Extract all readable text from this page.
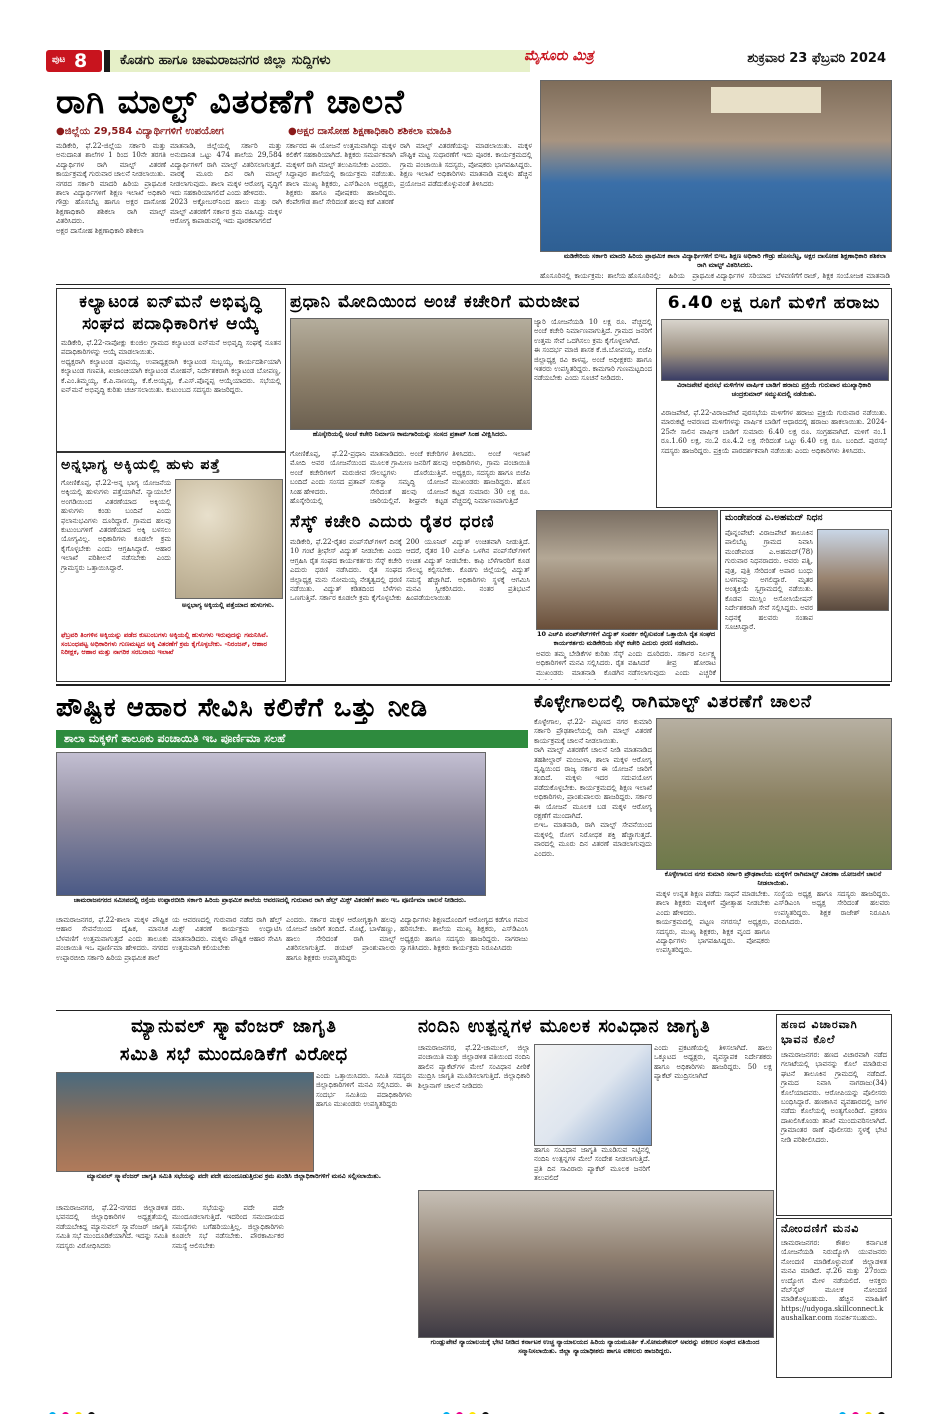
ಪುಟ 8	ಕೊಡಗು ಹಾಗೂ ಚಾಮರಾಜನಗರ ಜಿಲ್ಲಾ ಸುದ್ದಿಗಳು	ಮೈಸೂರು ಮಿತ್ರ	ಶುಕ್ರವಾರ 23 ಫೆಬ್ರವರಿ 2024
ರಾಗಿ ಮಾಲ್ಟ್ ವಿತರಣೆಗೆ ಚಾಲನೆ
●ಜಿಲ್ಲೆಯ 29,584 ವಿದ್ಯಾರ್ಥಿಗಳಿಗೆ ಉಪಯೋಗ	●ಅಕ್ಷರ ದಾಸೋಹ ಶಿಕ್ಷಣಾಧಿಕಾರಿ ಶಶಿಕಲಾ ಮಾಹಿತಿ
ಮಡಿಕೇರಿ, ಫೆ.22-ಜಿಲ್ಲೆಯ ಸರ್ಕಾರಿ ಮತ್ತು ಅನುದಾನಿತ ಶಾಲೆಗಳ 1 ರಿಂದ 10ನೇ ತರಗತಿ ವಿದ್ಯಾರ್ಥಿಗಳ ರಾಗಿ ಮಾಲ್ಟ್ ವಿತರಣೆ ಕಾರ್ಯಕ್ರಮಕ್ಕೆ ಗುರುವಾರ ಚಾಲನೆ ನೀಡಲಾಯಿತು.
ನಗರದ ಸರ್ಕಾರಿ ಮಾದರಿ ಹಿರಿಯ ಪ್ರಾಥಮಿಕ ಶಾಲಾ ವಿದ್ಯಾರ್ಥಿಗಳಿಗೆ ಶಿಕ್ಷಣ ಇಲಾಖೆ ಅಧಿಕಾರಿ ಗೌಡ್ರು ಹೊಸಬೆಟ್ಟ ಹಾಗೂ ಅಕ್ಷರ ದಾಸೋಹ ಶಿಕ್ಷಣಾಧಿಕಾರಿ ಶಶಿಕಲಾ ರಾಗಿ ಮಾಲ್ಟ್ ವಿತರಿಸಿದರು.
ಅಕ್ಷರ ದಾಸೋಹ ಶಿಕ್ಷಣಾಧಿಕಾರಿ ಶಶಿಕಲಾ
ಮಾತನಾಡಿ, ಜಿಲ್ಲೆಯಲ್ಲಿ ಸರ್ಕಾರಿ ಮತ್ತು ಅನುದಾನಿತ ಒಟ್ಟು 474 ಶಾಲೆಯ 29,584 ವಿದ್ಯಾರ್ಥಿಗಳಿಗೆ ರಾಗಿ ಮಾಲ್ಟ್ ವಿತರಿಸಲಾಗುತ್ತದೆ. ವಾರಕ್ಕೆ ಮೂರು ದಿನ ರಾಗಿ ಮಾಲ್ಟ್ ನೀಡಲಾಗುವುದು. ಶಾಲಾ ಮಕ್ಕಳ ಆರೋಗ್ಯ ವೃದ್ಧಿಗೆ ಇದು ಸಹಕಾರಿಯಾಗಲಿದೆ ಎಂದು ಹೇಳಿದರು.
2023 ಅಕ್ಟೋಬರ್‌ನಿಂದ ಹಾಲು ಮತ್ತು ರಾಗಿ ಮಾಲ್ಟ್ ವಿತರಣೆಗೆ ಸರ್ಕಾರ ಕ್ರಮ ವಹಿಸಿದ್ದು ಮಕ್ಕಳ ಆರೋಗ್ಯ ಕಾಪಾಡುವಲ್ಲಿ ಇದು ಪೂರಕವಾಗಲಿದೆ
ಸರ್ಕಾರದ ಈ ಯೋಜನೆ ಉತ್ತಮವಾಗಿದ್ದು ಮಕ್ಕಳ ಕಲಿಕೆಗೆ ಸಹಕಾರಿಯಾಗಿದೆ. ಶಿಕ್ಷಕರು ಸಮರ್ಪಕವಾಗಿ ಮಕ್ಕಳಿಗೆ ರಾಗಿ ಮಾಲ್ಟ್ ತಲುಪಿಸಬೇಕು ಎಂದರು.
ಸಿದ್ದಾಪುರ ಶಾಲೆಯಲ್ಲಿ ಕಾರ್ಯಕ್ರಮ ನಡೆಯಿತು. ಶಾಲಾ ಮುಖ್ಯ ಶಿಕ್ಷಕರು, ಎಸ್‌ಡಿಎಂಸಿ ಅಧ್ಯಕ್ಷರು, ಶಿಕ್ಷಕರು ಹಾಗೂ ಪೋಷಕರು ಹಾಜರಿದ್ದರು. ಕೆಂಪೇಗೌಡ ಶಾಲೆ ಸೇರಿದಂತೆ ಹಲವು ಕಡೆ ವಿತರಣೆ
ರಾಗಿ ಮಾಲ್ಟ್ ವಿತರಣೆಯನ್ನು ಮಾಡಲಾಯಿತು. ಮಕ್ಕಳ ಪೌಷ್ಟಿಕ ಮಟ್ಟ ಸುಧಾರಣೆಗೆ ಇದು ಪೂರಕ. ಕಾರ್ಯಕ್ರಮದಲ್ಲಿ ಗ್ರಾಮ ಪಂಚಾಯಿತಿ ಸದಸ್ಯರು, ಪೋಷಕರು ಭಾಗವಹಿಸಿದ್ದರು. ಶಿಕ್ಷಣ ಇಲಾಖೆ ಅಧಿಕಾರಿಗಳು ಮಾತನಾಡಿ ಮಕ್ಕಳು ಹೆಚ್ಚಿನ ಪ್ರಯೋಜನ ಪಡೆದುಕೊಳ್ಳುವಂತೆ ತಿಳಿಸಿದರು
ಮಡಿಕೇರಿಯ ಸರ್ಕಾರಿ ಮಾದರಿ ಹಿರಿಯ ಪ್ರಾಥಮಿಕ ಶಾಲಾ ವಿದ್ಯಾರ್ಥಿಗಳಿಗೆ ಬಿಇಒ ಶಿಕ್ಷಣ ಅಧಿಕಾರಿ ಗೌಡ್ರು ಹೊಸಬೆಟ್ಟ, ಅಕ್ಷರ ದಾಸೋಹ ಶಿಕ್ಷಣಾಧಿಕಾರಿ ಶಶಿಕಲಾ ರಾಗಿ ಮಾಲ್ಟ್ ವಿತರಿಸಿದರು.
ಹೊಸೂರಿನಲ್ಲಿ ಕಾರ್ಯಕ್ರಮ: ಶಾಲೆಯ ಹೊಸೂರಿನಲ್ಲಿ: ಹಿರಿಯ ಪ್ರಾಥಮಿಕ ವಿದ್ಯಾರ್ಥಿಗಳ ಸರಿಯಾದ ಬೆಳವಣಿಗೆಗೆ ರಾಜ್, ಶಿಕ್ಷಕ ಸಂಯೋಜಕ ಮಾತನಾಡಿ
ಕಲ್ಯಾಟಂಡ ಐನ್‌ಮನೆ ಅಭಿವೃದ್ಧಿ
ಸಂಘದ ಪದಾಧಿಕಾರಿಗಳ ಆಯ್ಕೆ
ಮಡಿಕೇರಿ, ಫೆ.22-ನಾಪೋಕ್ಲು ಕುಂಜಿಲ ಗ್ರಾಮದ ಕಲ್ಯಾಟಂಡ ಐನ್‌ಮನೆ ಅಭಿವೃದ್ಧಿ ಸಂಘಕ್ಕೆ ನೂತನ ಪದಾಧಿಕಾರಿಗಳನ್ನು ಆಯ್ಕೆ ಮಾಡಲಾಯಿತು.
ಅಧ್ಯಕ್ಷರಾಗಿ ಕಲ್ಯಾಟಂಡ ಪೂವಯ್ಯ, ಉಪಾಧ್ಯಕ್ಷರಾಗಿ ಕಲ್ಯಾಟಂಡ ಸುಬ್ಬಯ್ಯ, ಕಾರ್ಯದರ್ಶಿಯಾಗಿ ಕಲ್ಯಾಟಂಡ ಗಣಪತಿ, ಖಜಾಂಚಿಯಾಗಿ ಕಲ್ಯಾಟಂಡ ಮೋಹನ್, ನಿರ್ದೇಶಕರಾಗಿ ಕಲ್ಯಾಟಂಡ ಬೋಪಣ್ಣ, ಕೆ.ಎಂ.ತಿಮ್ಮಯ್ಯ, ಕೆ.ಪಿ.ನಾಣಯ್ಯ, ಕೆ.ಕೆ.ಅಯ್ಯಪ್ಪ, ಕೆ.ಎಸ್.ಪೊನ್ನಪ್ಪ ಆಯ್ಕೆಯಾದರು. ಸಭೆಯಲ್ಲಿ ಐನ್‌ಮನೆ ಅಭಿವೃದ್ಧಿ ಕುರಿತು ಚರ್ಚಿಸಲಾಯಿತು. ಕುಟುಂಬದ ಸದಸ್ಯರು ಹಾಜರಿದ್ದರು.
ಅನ್ನಭಾಗ್ಯ ಅಕ್ಕಿಯಲ್ಲಿ ಹುಳು ಪತ್ತೆ
ಗೋಣಿಕೊಪ್ಪ, ಫೆ.22-ಅನ್ನ ಭಾಗ್ಯ ಯೋಜನೆಯ ಅಕ್ಕಿಯಲ್ಲಿ ಹುಳುಗಳು ಪತ್ತೆಯಾಗಿವೆ. ನ್ಯಾಯಬೆಲೆ ಅಂಗಡಿಯಿಂದ ವಿತರಣೆಯಾದ ಅಕ್ಕಿಯಲ್ಲಿ ಹುಳುಗಳು ಕಂಡು ಬಂದಿವೆ ಎಂದು ಫಲಾನುಭವಿಗಳು ದೂರಿದ್ದಾರೆ. ಗ್ರಾಮದ ಹಲವು ಕುಟುಂಬಗಳಿಗೆ ವಿತರಣೆಯಾದ ಅಕ್ಕಿ ಬಳಸಲು ಯೋಗ್ಯವಿಲ್ಲ. ಅಧಿಕಾರಿಗಳು ಕೂಡಲೇ ಕ್ರಮ ಕೈಗೊಳ್ಳಬೇಕು ಎಂದು ಆಗ್ರಹಿಸಿದ್ದಾರೆ. ಆಹಾರ ಇಲಾಖೆ ಪರಿಶೀಲನೆ ನಡೆಸಬೇಕು ಎಂದು ಗ್ರಾಮಸ್ಥರು ಒತ್ತಾಯಿಸಿದ್ದಾರೆ.
ಅನ್ನಭಾಗ್ಯ ಅಕ್ಕಿಯಲ್ಲಿ ಪತ್ತೆಯಾದ ಹುಳುಗಳು.
ಫೆಬ್ರವರಿ ತಿಂಗಳಿನ ಅಕ್ಕಿಯನ್ನು ಪಡೆದ ಕುಟುಂಬಗಳು ಅಕ್ಕಿಯಲ್ಲಿ ಹುಳುಗಳು ಇರುವುದನ್ನು ಗಮನಿಸಿವೆ. ಸಂಬಂಧಪಟ್ಟ ಅಧಿಕಾರಿಗಳು ಗುಣಮಟ್ಟದ ಅಕ್ಕಿ ವಿತರಣೆಗೆ ಕ್ರಮ ಕೈಗೊಳ್ಳಬೇಕು. -ನಿರಂಜನ್, ಆಹಾರ ನಿರೀಕ್ಷಕ, ಆಹಾರ ಮತ್ತು ನಾಗರಿಕ ಸರಬರಾಜು ಇಲಾಖೆ
ಪ್ರಧಾನಿ ಮೋದಿಯಿಂದ ಅಂಚೆ ಕಚೇರಿಗೆ ಮರುಜೀವ
ಹೊಸ್ಕೇರಿಯಲ್ಲಿ ಅಂಚೆ ಕಚೇರಿ ನಿರ್ಮಾಣ ಕಾಮಗಾರಿಯನ್ನು ಸಂಸದ ಪ್ರತಾಪ್ ಸಿಂಹ ವೀಕ್ಷಿಸಿದರು.
ಗೋಣಿಕೊಪ್ಪ, ಫೆ.22-ಪ್ರಧಾನಿ ಮೋದಿ ಅವರ ಯೋಜನೆಯಿಂದ ಅಂಚೆ ಕಚೇರಿಗಳಿಗೆ ಮರುಜೀವ ಬಂದಿದೆ ಎಂದು ಸಂಸದ ಪ್ರತಾಪ್ ಸಿಂಹ ಹೇಳಿದರು.
ಹೊಸ್ಕೇರಿಯಲ್ಲಿ
ಮಾತನಾಡಿದರು. ಅಂಚೆ ಕಚೇರಿಗಳ ಮೂಲಕ ಗ್ರಾಮೀಣ ಜನರಿಗೆ ಹಲವು ಸೌಲಭ್ಯಗಳು ದೊರೆಯುತ್ತಿವೆ. ಸುಕನ್ಯಾ ಸಮೃದ್ಧಿ ಯೋಜನೆ ಸೇರಿದಂತೆ ಹಲವು ಯೋಜನೆ ಜಾರಿಯಲ್ಲಿವೆ. ಶೀಘ್ರವೇ ಕಟ್ಟಡ
ತಿಳಿಸಿದರು. ಅಂಚೆ ಇಲಾಖೆ ಅಧಿಕಾರಿಗಳು, ಗ್ರಾಮ ಪಂಚಾಯಿತಿ ಅಧ್ಯಕ್ಷರು, ಸದಸ್ಯರು ಹಾಗೂ ಬಿಜೆಪಿ ಮುಖಂಡರು ಹಾಜರಿದ್ದರು. ಹೊಸ ಕಟ್ಟಡ ಸುಮಾರು 30 ಲಕ್ಷ ರೂ. ವೆಚ್ಚದಲ್ಲಿ ನಿರ್ಮಾಣವಾಗುತ್ತಿದೆ
ಜ್ಯಾರಿ ಯೋಜನೆಯಡಿ 10 ಲಕ್ಷ ರೂ. ವೆಚ್ಚದಲ್ಲಿ ಅಂಚೆ ಕಚೇರಿ ನಿರ್ಮಾಣವಾಗುತ್ತಿದೆ. ಗ್ರಾಮದ ಜನರಿಗೆ ಉತ್ತಮ ಸೇವೆ ಒದಗಿಸಲು ಕ್ರಮ ಕೈಗೊಳ್ಳಲಾಗಿದೆ.
ಈ ಸಂದರ್ಭ ಮಾಜಿ ಶಾಸಕ ಕೆ.ಜಿ.ಬೋಪಯ್ಯ, ಬಿಜೆಪಿ ಜಿಲ್ಲಾಧ್ಯಕ್ಷ ರವಿ ಕಾಳಪ್ಪ, ಅಂಚೆ ಅಧೀಕ್ಷಕರು ಹಾಗೂ ಇತರರು ಉಪಸ್ಥಿತರಿದ್ದರು. ಕಾಮಗಾರಿ ಗುಣಮಟ್ಟದಿಂದ ನಡೆಯಬೇಕು ಎಂದು ಸೂಚನೆ ನೀಡಿದರು.
6.40 ಲಕ್ಷ ರೂಗೆ ಮಳಿಗೆ ಹರಾಜು
ವಿರಾಜಪೇಟೆ ಪುರಸಭೆ ಮಳಿಗೆಗಳ ವಾರ್ಷಿಕ ಬಾಡಿಗೆ ಹರಾಜು ಪ್ರಕ್ರಿಯೆ ಗುರುವಾರ ಮುಖ್ಯಾಧಿಕಾರಿ ಚಂದ್ರಕುಮಾರ್ ಸಮ್ಮುಖದಲ್ಲಿ ನಡೆಯಿತು.
ವಿರಾಜಪೇಟೆ, ಫೆ.22-ವಿರಾಜಪೇಟೆ ಪುರಸಭೆಯ ಮಳಿಗೆಗಳ ಹರಾಜು ಪ್ರಕ್ರಿಯೆ ಗುರುವಾರ ನಡೆಯಿತು. ಮಾರುಕಟ್ಟೆ ಆವರಣದ ಮಳಿಗೆಗಳನ್ನು ವಾರ್ಷಿಕ ಬಾಡಿಗೆ ಆಧಾರದಲ್ಲಿ ಹರಾಜು ಹಾಕಲಾಯಿತು. 2024-25ನೇ ಸಾಲಿನ ವಾರ್ಷಿಕ ಬಾಡಿಗೆ ಸುಮಾರು 6.40 ಲಕ್ಷ ರೂ. ಸಂಗ್ರಹವಾಗಿದೆ. ಮಳಿಗೆ ನಂ.1 ರೂ.1.60 ಲಕ್ಷ, ನಂ.2 ರೂ.4.2 ಲಕ್ಷ ಸೇರಿದಂತೆ ಒಟ್ಟು 6.40 ಲಕ್ಷ ರೂ. ಬಂದಿದೆ. ಪುರಸಭೆ ಸದಸ್ಯರು ಹಾಜರಿದ್ದರು. ಪ್ರಕ್ರಿಯೆ ಪಾರದರ್ಶಕವಾಗಿ ನಡೆಯಿತು ಎಂದು ಅಧಿಕಾರಿಗಳು ತಿಳಿಸಿದರು.
ಸೆಸ್ಕ್ ಕಚೇರಿ ಎದುರು ರೈತರ ಧರಣಿ
ಮಡಿಕೇರಿ, ಫೆ.22-ರೈತರ ಪಂಪ್‌ಸೆಟ್‌ಗಳಿಗೆ ದಿನಕ್ಕೆ 10 ಗಂಟೆ ತ್ರೀಫೇಸ್ ವಿದ್ಯುತ್ ನೀಡಬೇಕು ಎಂದು ಆಗ್ರಹಿಸಿ ರೈತ ಸಂಘದ ಕಾರ್ಯಕರ್ತರು ಸೆಸ್ಕ್ ಕಚೇರಿ ಎದುರು ಧರಣಿ ನಡೆಸಿದರು. ರೈತ ಸಂಘದ ಜಿಲ್ಲಾಧ್ಯಕ್ಷ ಮನು ಸೋಮಯ್ಯ ನೇತೃತ್ವದಲ್ಲಿ ಧರಣಿ ನಡೆಯಿತು. ವಿದ್ಯುತ್ ಕಡಿತದಿಂದ ಬೆಳೆಗಳು ಒಣಗುತ್ತಿವೆ. ಸರ್ಕಾರ ಕೂಡಲೇ ಕ್ರಮ ಕೈಗೊಳ್ಳಬೇಕು
200 ಯೂನಿಟ್ ವಿದ್ಯುತ್ ಉಚಿತವಾಗಿ ನೀಡುತ್ತಿದೆ. ಆದರೆ, ರೈತರ 10 ಎಚ್‌ಪಿ ಒಳಗಿನ ಪಂಪ್‌ಸೆಟ್‌ಗಳಿಗೆ ಉಚಿತ ವಿದ್ಯುತ್ ನೀಡಬೇಕು. ಕಾಫಿ ಬೆಳೆಗಾರರಿಗೆ ಕೂಡ ಸೌಲಭ್ಯ ಕಲ್ಪಿಸಬೇಕು. ಕೊಡಗು ಜಿಲ್ಲೆಯಲ್ಲಿ ವಿದ್ಯುತ್ ಸಮಸ್ಯೆ ಹೆಚ್ಚಾಗಿದೆ. ಅಧಿಕಾರಿಗಳು ಸ್ಥಳಕ್ಕೆ ಆಗಮಿಸಿ ಮನವಿ ಸ್ವೀಕರಿಸಿದರು. ನಂತರ ಪ್ರತಿಭಟನೆ ಹಿಂಪಡೆಯಲಾಯಿತು
10 ಎಚ್‌ಪಿ ಪಂಪ್‌ಸೆಟ್‌ಗಳಿಗೆ ವಿದ್ಯುತ್ ಸಂಪರ್ಕ ಕಲ್ಪಿಸುವಂತೆ ಒತ್ತಾಯಿಸಿ ರೈತ ಸಂಘದ ಕಾರ್ಯಕರ್ತರು ಮಡಿಕೇರಿಯ ಸೆಸ್ಕ್ ಕಚೇರಿ ಎದುರು ಧರಣಿ ನಡೆಸಿದರು.
ಅವರು ತಮ್ಮ ಬೇಡಿಕೆಗಳ ಕುರಿತು ಸೆಸ್ಕ್ ಅಧಿಕಾರಿಗಳಿಗೆ ಮನವಿ ಸಲ್ಲಿಸಿದರು. ರೈತ ಮುಖಂಡರು ಮಾತನಾಡಿ ಕೊಡಗಿನ
ಎಂದು ದೂರಿದರು. ಸರ್ಕಾರ ನಿರ್ಲಕ್ಷ್ಯ ವಹಿಸಿದರೆ ತೀವ್ರ ಹೋರಾಟ ನಡೆಸಲಾಗುವುದು ಎಂದು ಎಚ್ಚರಿಕೆ
ಮಂಡೇಪಂಡ ಎ.ಅಹಮದ್ ನಿಧನ
ಪೊನ್ನಂಪೇಟೆ: ವಿರಾಜಪೇಟೆ ತಾಲೂಕಿನ ಪಾಲಿಬೆಟ್ಟ ಗ್ರಾಮದ ನಿವಾಸಿ ಮಂಡೇಪಂಡ ಎ.ಅಹಮದ್(78) ಗುರುವಾರ ನಿಧನರಾದರು. ಅವರು ಪತ್ನಿ, ಪುತ್ರ, ಪುತ್ರಿ ಸೇರಿದಂತೆ ಅಪಾರ ಬಂಧು ಬಳಗವನ್ನು ಅಗಲಿದ್ದಾರೆ. ಮೃತರ ಅಂತ್ಯಕ್ರಿಯೆ ಸ್ವಗ್ರಾಮದಲ್ಲಿ ನಡೆಯಿತು. ಕೊಡವ ಮುಸ್ಲಿಂ ಅಸೋಸಿಯೇಷನ್ ನಿರ್ದೇಶಕರಾಗಿ ಸೇವೆ ಸಲ್ಲಿಸಿದ್ದರು. ಅವರ ನಿಧನಕ್ಕೆ ಹಲವರು ಸಂತಾಪ ಸೂಚಿಸಿದ್ದಾರೆ.
ಪೌಷ್ಟಿಕ ಆಹಾರ ಸೇವಿಸಿ ಕಲಿಕೆಗೆ ಒತ್ತು ನೀಡಿ
ಶಾಲಾ ಮಕ್ಕಳಿಗೆ ತಾಲೂಕು ಪಂಚಾಯಿತಿ ಇಒ ಪೂರ್ಣಿಮಾ ಸಲಹೆ
ಚಾಮರಾಜನಗರದ ಸಮೀಪದಲ್ಲಿ ರಸ್ತೆಯ ಉಪ್ಪಾರಬೀದಿ ಸರ್ಕಾರಿ ಹಿರಿಯ ಪ್ರಾಥಮಿಕ ಶಾಲೆಯ ಆವರಣದಲ್ಲಿ ಗುರುವಾರ ರಾಗಿ ಹೆಲ್ತ್ ಮಿಕ್ಸ್ ವಿತರಣೆಗೆ ತಾಪಂ ಇಒ ಪೂರ್ಣಿಮಾ ಚಾಲನೆ ನೀಡಿದರು.
ಚಾಮರಾಜನಗರ, ಫೆ.22-ಶಾಲಾ ಮಕ್ಕಳ ಪೌಷ್ಟಿಕ ಆಹಾರ ಸೇವನೆಯಿಂದ ದೈಹಿಕ, ಮಾನಸಿಕ ಬೆಳವಣಿಗೆ ಉತ್ತಮವಾಗುತ್ತದೆ ಎಂದು ತಾಲೂಕು ಪಂಚಾಯಿತಿ ಇಒ ಪೂರ್ಣಿಮಾ ಹೇಳಿದರು. ನಗರದ ಉಪ್ಪಾರಬೀದಿ ಸರ್ಕಾರಿ ಹಿರಿಯ ಪ್ರಾಥಮಿಕ ಶಾಲೆ
ಯ ಆವರಣದಲ್ಲಿ ಗುರುವಾರ ನಡೆದ ರಾಗಿ ಹೆಲ್ತ್ ಮಿಕ್ಸ್ ವಿತರಣೆ ಕಾರ್ಯಕ್ರಮ ಉದ್ಘಾಟಿಸಿ ಮಾತನಾಡಿದರು. ಮಕ್ಕಳು ಪೌಷ್ಟಿಕ ಆಹಾರ ಸೇವಿಸಿ ಉತ್ತಮವಾಗಿ ಕಲಿಯಬೇಕು
ಎಂದರು. ಸರ್ಕಾರ ಮಕ್ಕಳ ಆರೋಗ್ಯಕ್ಕಾಗಿ ಹಲವು ಯೋಜನೆ ಜಾರಿಗೆ ತಂದಿದೆ. ಮೊಟ್ಟೆ, ಬಾಳೆಹಣ್ಣು, ಹಾಲು ಸೇರಿದಂತೆ ರಾಗಿ ಮಾಲ್ಟ್ ವಿತರಿಸಲಾಗುತ್ತಿದೆ. ಡಯಟ್ ಪ್ರಾಂಶುಪಾಲರು ಹಾಗೂ ಶಿಕ್ಷಕರು ಉಪಸ್ಥಿತರಿದ್ದರು
ವಿದ್ಯಾರ್ಥಿಗಳು ಶಿಕ್ಷಣದೊಂದಿಗೆ ಆರೋಗ್ಯದ ಕಡೆಗೂ ಗಮನ ಹರಿಸಬೇಕು. ಶಾಲೆಯ ಮುಖ್ಯ ಶಿಕ್ಷಕರು, ಎಸ್‌ಡಿಎಂಸಿ ಅಧ್ಯಕ್ಷರು ಹಾಗೂ ಸದಸ್ಯರು ಹಾಜರಿದ್ದರು. ನಾಗರಾಜು ಸ್ವಾಗತಿಸಿದರು. ಶಿಕ್ಷಕರು ಕಾರ್ಯಕ್ರಮ ನಿರೂಪಿಸಿದರು
ಕೊಳ್ಳೇಗಾಲದಲ್ಲಿ ರಾಗಿಮಾಲ್ಟ್ ವಿತರಣೆಗೆ ಚಾಲನೆ
ಕೊಳ್ಳೇಗಾಲ, ಫೆ.22- ಪಟ್ಟಣದ ನಗರ ಕುಮಾರಿ ಸರ್ಕಾರಿ ಪ್ರೌಢಶಾಲೆಯಲ್ಲಿ ರಾಗಿ ಮಾಲ್ಟ್ ವಿತರಣೆ ಕಾರ್ಯಕ್ರಮಕ್ಕೆ ಚಾಲನೆ ನೀಡಲಾಯಿತು.
ರಾಗಿ ಮಾಲ್ಟ್ ವಿತರಣೆಗೆ ಚಾಲನೆ ನೀಡಿ ಮಾತನಾಡಿದ ತಹಶೀಲ್ದಾರ್ ಮಂಜುಳಾ, ಶಾಲಾ ಮಕ್ಕಳ ಆರೋಗ್ಯ ದೃಷ್ಟಿಯಿಂದ ರಾಜ್ಯ ಸರ್ಕಾರ ಈ ಯೋಜನೆ ಜಾರಿಗೆ ತಂದಿದೆ. ಮಕ್ಕಳು ಇದರ ಸದುಪಯೋಗ ಪಡೆದುಕೊಳ್ಳಬೇಕು. ಕಾರ್ಯಕ್ರಮದಲ್ಲಿ ಶಿಕ್ಷಣ ಇಲಾಖೆ ಅಧಿಕಾರಿಗಳು, ಪ್ರಾಂಶುಪಾಲರು ಹಾಜರಿದ್ದರು. ಸರ್ಕಾರ ಈ ಯೋಜನೆ ಮೂಲಕ ಬಡ ಮಕ್ಕಳ ಆರೋಗ್ಯ ರಕ್ಷಣೆಗೆ ಮುಂದಾಗಿದೆ.
ಬಿಇಒ ಮಾತನಾಡಿ, ರಾಗಿ ಮಾಲ್ಟ್ ಸೇವನೆಯಿಂದ ಮಕ್ಕಳಲ್ಲಿ ರೋಗ ನಿರೋಧಕ ಶಕ್ತಿ ಹೆಚ್ಚಾಗುತ್ತದೆ. ವಾರದಲ್ಲಿ ಮೂರು ದಿನ ವಿತರಣೆ ಮಾಡಲಾಗುವುದು ಎಂದರು.
ಕೊಳ್ಳೇಗಾಲದ ನಗರ ಕುಮಾರಿ ಸರ್ಕಾರಿ ಪ್ರೌಢಶಾಲೆಯ ಮಕ್ಕಳಿಗೆ ರಾಗಿಮಾಲ್ಟ್ ವಿತರಣಾ ಯೋಜನೆಗೆ ಚಾಲನೆ ನೀಡಲಾಯಿತು.
ಮಕ್ಕಳ ಉನ್ನತ ಶಿಕ್ಷಣ ಪಡೆದು ಸಾಧನೆ ಮಾಡಬೇಕು. ಶಾಲಾ ಶಿಕ್ಷಕರು ಮಕ್ಕಳಿಗೆ ಪ್ರೋತ್ಸಾಹ ನೀಡಬೇಕು ಎಂದು ಹೇಳಿದರು.
ಕಾರ್ಯಕ್ರಮದಲ್ಲಿ ಪಟ್ಟಣ ನಗರಸಭೆ ಅಧ್ಯಕ್ಷರು, ಸದಸ್ಯರು, ಮುಖ್ಯ ಶಿಕ್ಷಕರು, ಶಿಕ್ಷಕ ವೃಂದ ಹಾಗೂ ವಿದ್ಯಾರ್ಥಿಗಳು ಭಾಗವಹಿಸಿದ್ದರು. ಪೋಷಕರು ಉಪಸ್ಥಿತರಿದ್ದರು.
ಸಂಸ್ಥೆಯ ಅಧ್ಯಕ್ಷ ಹಾಗೂ ಸದಸ್ಯರು ಹಾಜರಿದ್ದರು. ಎಸ್‌ಡಿಎಂಸಿ ಅಧ್ಯಕ್ಷ ಸೇರಿದಂತೆ ಹಲವರು ಉಪಸ್ಥಿತರಿದ್ದರು. ಶಿಕ್ಷಕ ರಾಜೇಶ್ ನಿರೂಪಿಸಿ ವಂದಿಸಿದರು.
ಮ್ಯಾನುವಲ್ ಸ್ಕ್ಯಾವೆಂಜರ್ ಜಾಗೃತಿ
ಸಮಿತಿ ಸಭೆ ಮುಂದೂಡಿಕೆಗೆ ವಿರೋಧ
ಮ್ಯಾನುವಲ್ ಸ್ಕ್ಯಾವೆಂಜರ್ ಜಾಗೃತಿ ಸಮಿತಿ ಸಭೆಯನ್ನು ಪದೇ ಪದೇ ಮುಂದೂಡುತ್ತಿರುವ ಕ್ರಮ ಖಂಡಿಸಿ ಜಿಲ್ಲಾಧಿಕಾರಿಗಳಿಗೆ ಮನವಿ ಸಲ್ಲಿಸಲಾಯಿತು.
ಚಾಮರಾಜನಗರ, ಫೆ.22-ನಗರದ ಜಿಲ್ಲಾಡಳಿತ ಭವನದಲ್ಲಿ ಜಿಲ್ಲಾಧಿಕಾರಿಗಳ ಅಧ್ಯಕ್ಷತೆಯಲ್ಲಿ ನಡೆಯಬೇಕಿದ್ದ ಮ್ಯಾನುವಲ್ ಸ್ಕ್ಯಾವೆಂಜರ್ ಜಾಗೃತಿ ಸಮಿತಿ ಸಭೆ ಮುಂದೂಡಿಕೆಯಾಗಿದೆ. ಇದನ್ನು ಸಮಿತಿ ಸದಸ್ಯರು ವಿರೋಧಿಸಿದರು
ದರು. ಸಭೆಯನ್ನು ಪದೇ ಪದೇ ಮುಂದೂಡಲಾಗುತ್ತಿದೆ. ಇದರಿಂದ ಸಮುದಾಯದ ಸಮಸ್ಯೆಗಳು ಬಗೆಹರಿಯುತ್ತಿಲ್ಲ. ಜಿಲ್ಲಾಧಿಕಾರಿಗಳು ಕೂಡಲೇ ಸಭೆ ನಡೆಸಬೇಕು. ಪೌರಕಾರ್ಮಿಕರ ಸಮಸ್ಯೆ ಆಲಿಸಬೇಕು
ಎಂದು ಒತ್ತಾಯಿಸಿದರು. ಸಮಿತಿ ಸದಸ್ಯರು ಜಿಲ್ಲಾಧಿಕಾರಿಗಳಿಗೆ ಮನವಿ ಸಲ್ಲಿಸಿದರು. ಈ ಸಂದರ್ಭ ಸಮಿತಿಯ ಪದಾಧಿಕಾರಿಗಳು ಹಾಗೂ ಮುಖಂಡರು ಉಪಸ್ಥಿತರಿದ್ದರು
ನಂದಿನಿ ಉತ್ಪನ್ನಗಳ ಮೂಲಕ ಸಂವಿಧಾನ ಜಾಗೃತಿ
ಚಾಮರಾಜನಗರ, ಫೆ.22-ಚಾಮುಲ್, ಜಿಲ್ಲಾ ಪಂಚಾಯಿತಿ ಮತ್ತು ಜಿಲ್ಲಾಡಳಿತ ವತಿಯಿಂದ ನಂದಿನಿ ಹಾಲಿನ ಪ್ಯಾಕೆಟ್‌ಗಳ ಮೇಲೆ ಸಂವಿಧಾನ ಪೀಠಿಕೆ ಮುದ್ರಿಸಿ ಜಾಗೃತಿ ಮೂಡಿಸಲಾಗುತ್ತಿದೆ. ಜಿಲ್ಲಾಧಿಕಾರಿ ಶಿಲ್ಪಾನಾಗ್ ಚಾಲನೆ ನೀಡಿದರು
ಹಾಗೂ ಸಂವಿಧಾನ ಜಾಗೃತಿ ಮೂಡಿಸುವ ನಿಟ್ಟಿನಲ್ಲಿ ನಂದಿನಿ ಉತ್ಪನ್ನಗಳ ಮೇಲೆ ಸಂದೇಶ ನೀಡಲಾಗುತ್ತಿದೆ. ಪ್ರತಿ ದಿನ ಸಾವಿರಾರು ಪ್ಯಾಕೆಟ್ ಮೂಲಕ ಜನರಿಗೆ ತಲುಪಲಿದೆ
ಎಂದು ಪ್ರಕಟಣೆಯಲ್ಲಿ ತಿಳಿಸಲಾಗಿದೆ. ಹಾಲು ಒಕ್ಕೂಟದ ಅಧ್ಯಕ್ಷರು, ವ್ಯವಸ್ಥಾಪಕ ನಿರ್ದೇಶಕರು ಹಾಗೂ ಅಧಿಕಾರಿಗಳು ಹಾಜರಿದ್ದರು. 50 ಲಕ್ಷ ಪ್ಯಾಕೆಟ್ ಮುದ್ರಿಸಲಾಗಿದೆ
ಗುಂಡ್ಲುಪೇಟೆ ನ್ಯಾಯಾಲಯಕ್ಕೆ ಭೇಟಿ ನೀಡಿದ ಕರ್ನಾಟಕ ಉಚ್ಚ ನ್ಯಾಯಾಲಯದ ಹಿರಿಯ ನ್ಯಾಯಮೂರ್ತಿ ಕೆ.ಸೋಮಶೇಖರ್ ಅವರನ್ನು ವಕೀಲರ ಸಂಘದ ವತಿಯಿಂದ ಸನ್ಮಾನಿಸಲಾಯಿತು. ಜಿಲ್ಲಾ ನ್ಯಾಯಾಧೀಶರು ಹಾಗೂ ವಕೀಲರು ಹಾಜರಿದ್ದರು.
ಹಣದ ವಿಚಾರವಾಗಿ ಭಾವನ ಕೊಲೆ
ಚಾಮರಾಜನಗರ: ಹಣದ ವಿಚಾರವಾಗಿ ನಡೆದ ಗಲಾಟೆಯಲ್ಲಿ ಭಾವನನ್ನು ಕೊಲೆ ಮಾಡಿರುವ ಘಟನೆ ತಾಲೂಕಿನ ಗ್ರಾಮದಲ್ಲಿ ನಡೆದಿದೆ. ಗ್ರಾಮದ ನಿವಾಸಿ ನಾಗರಾಜು(34) ಕೊಲೆಯಾದವರು. ಆರೋಪಿಯನ್ನು ಪೊಲೀಸರು ಬಂಧಿಸಿದ್ದಾರೆ. ಹಣಕಾಸಿನ ವ್ಯವಹಾರದಲ್ಲಿ ಜಗಳ ನಡೆದು ಕೊಲೆಯಲ್ಲಿ ಅಂತ್ಯಗೊಂಡಿದೆ. ಪ್ರಕರಣ ದಾಖಲಿಸಿಕೊಂಡು ತನಿಖೆ ಮುಂದುವರಿಸಲಾಗಿದೆ. ಗ್ರಾಮಾಂತರ ಠಾಣೆ ಪೊಲೀಸರು ಸ್ಥಳಕ್ಕೆ ಭೇಟಿ ನೀಡಿ ಪರಿಶೀಲಿಸಿದರು.
ನೋಂದಣಿಗೆ ಮನವಿ
ಚಾಮರಾಜನಗರ: ಕೌಶಲ ಕರ್ನಾಟಕ ಯೋಜನೆಯಡಿ ನಿರುದ್ಯೋಗಿ ಯುವಜನರು ನೋಂದಣಿ ಮಾಡಿಕೊಳ್ಳುವಂತೆ ಜಿಲ್ಲಾಡಳಿತ ಮನವಿ ಮಾಡಿದೆ. ಫೆ.26 ಮತ್ತು 27ರಂದು ಉದ್ಯೋಗ ಮೇಳ ನಡೆಯಲಿದೆ. ಆಸಕ್ತರು ವೆಬ್‌ಸೈಟ್ ಮೂಲಕ ನೋಂದಣಿ ಮಾಡಿಕೊಳ್ಳಬಹುದು. ಹೆಚ್ಚಿನ ಮಾಹಿತಿಗೆ https://udyoga.skillconnect.kaushalkar.com ಸಂಪರ್ಕಿಸಬಹುದು.
